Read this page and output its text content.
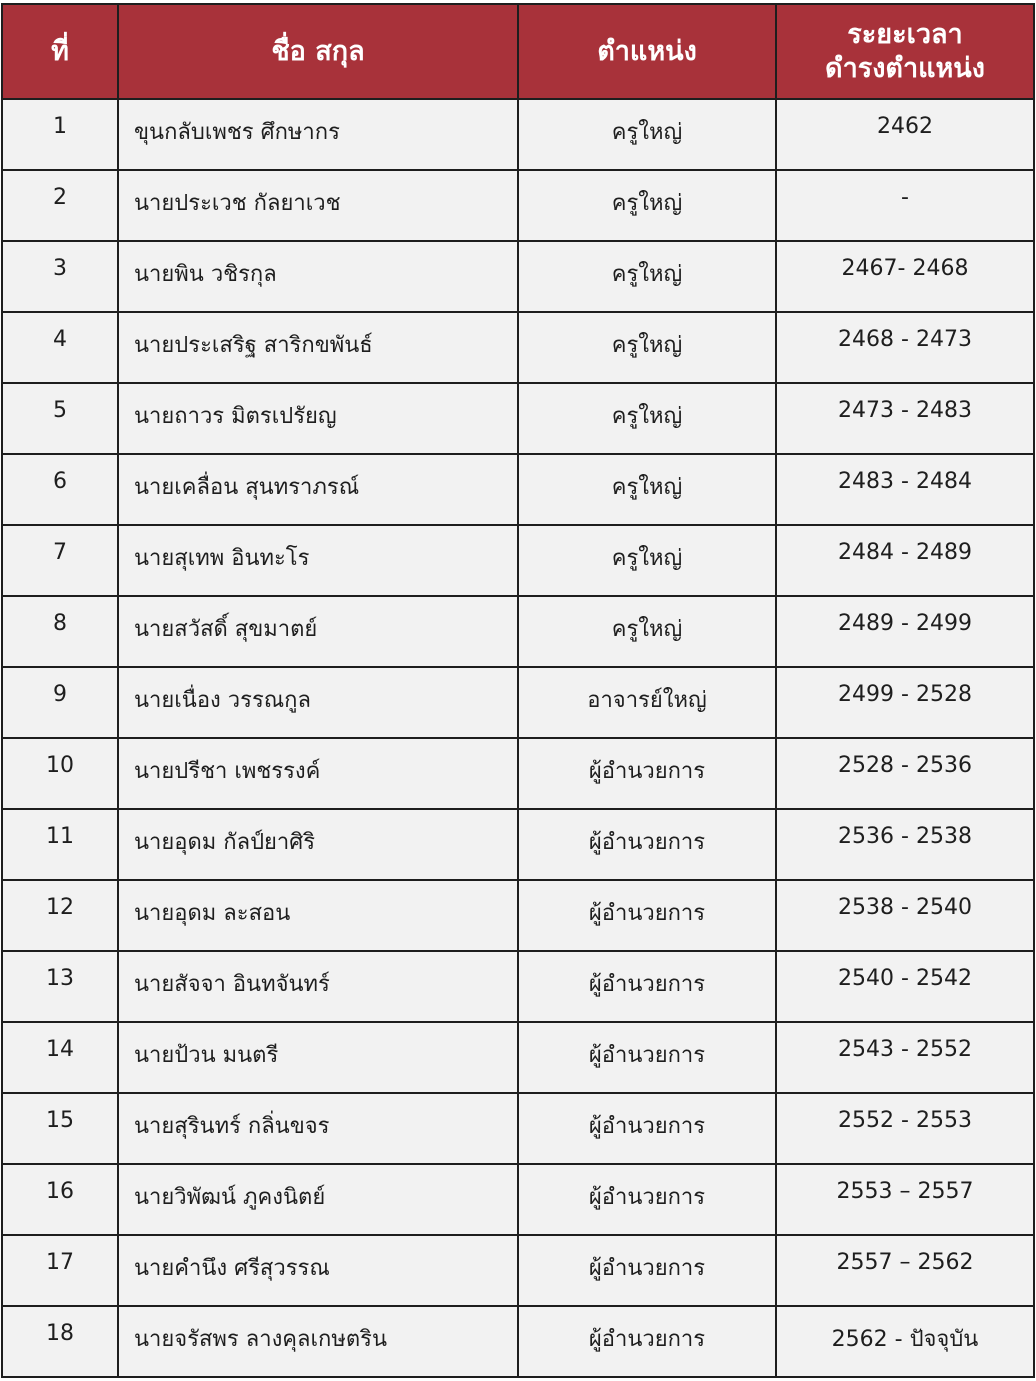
ที่	ชื่อ สกุล	ตำแหน่ง	ระยะเวลา
ดำรงตำแหน่ง

1	ขุนกลับเพชร ศึกษากร	ครูใหญ่	2462
2	นายประเวช กัลยาเวช	ครูใหญ่	-
3	นายพิน วชิรกุล	ครูใหญ่	2467- 2468
4	นายประเสริฐ สาริกขพันธ์	ครูใหญ่	2468 - 2473
5	นายถาวร มิตรเปรัยญ	ครูใหญ่	2473 - 2483
6	นายเคลื่อน สุนทราภรณ์	ครูใหญ่	2483 - 2484
7	นายสุเทพ อินทะโร	ครูใหญ่	2484 - 2489
8	นายสวัสดิ์ สุขมาตย์	ครูใหญ่	2489 - 2499
9	นายเนื่อง วรรณกูล	อาจารย์ใหญ่	2499 - 2528
10	นายปรีชา เพชรรงค์	ผู้อำนวยการ	2528 - 2536
11	นายอุดม กัลป์ยาศิริ	ผู้อำนวยการ	2536 - 2538
12	นายอุดม ละสอน	ผู้อำนวยการ	2538 - 2540
13	นายสัจจา อินทจันทร์	ผู้อำนวยการ	2540 - 2542
14	นายป้วน มนตรี	ผู้อำนวยการ	2543 - 2552
15	นายสุรินทร์ กลิ่นขจร	ผู้อำนวยการ	2552 - 2553
16	นายวิพัฒน์ ภูคงนิตย์	ผู้อำนวยการ	2553 – 2557
17	นายคำนึง ศรีสุวรรณ	ผู้อำนวยการ	2557 – 2562
18	นายจรัสพร ลางคุลเกษตริน	ผู้อำนวยการ	2562 - ปัจจุบัน
